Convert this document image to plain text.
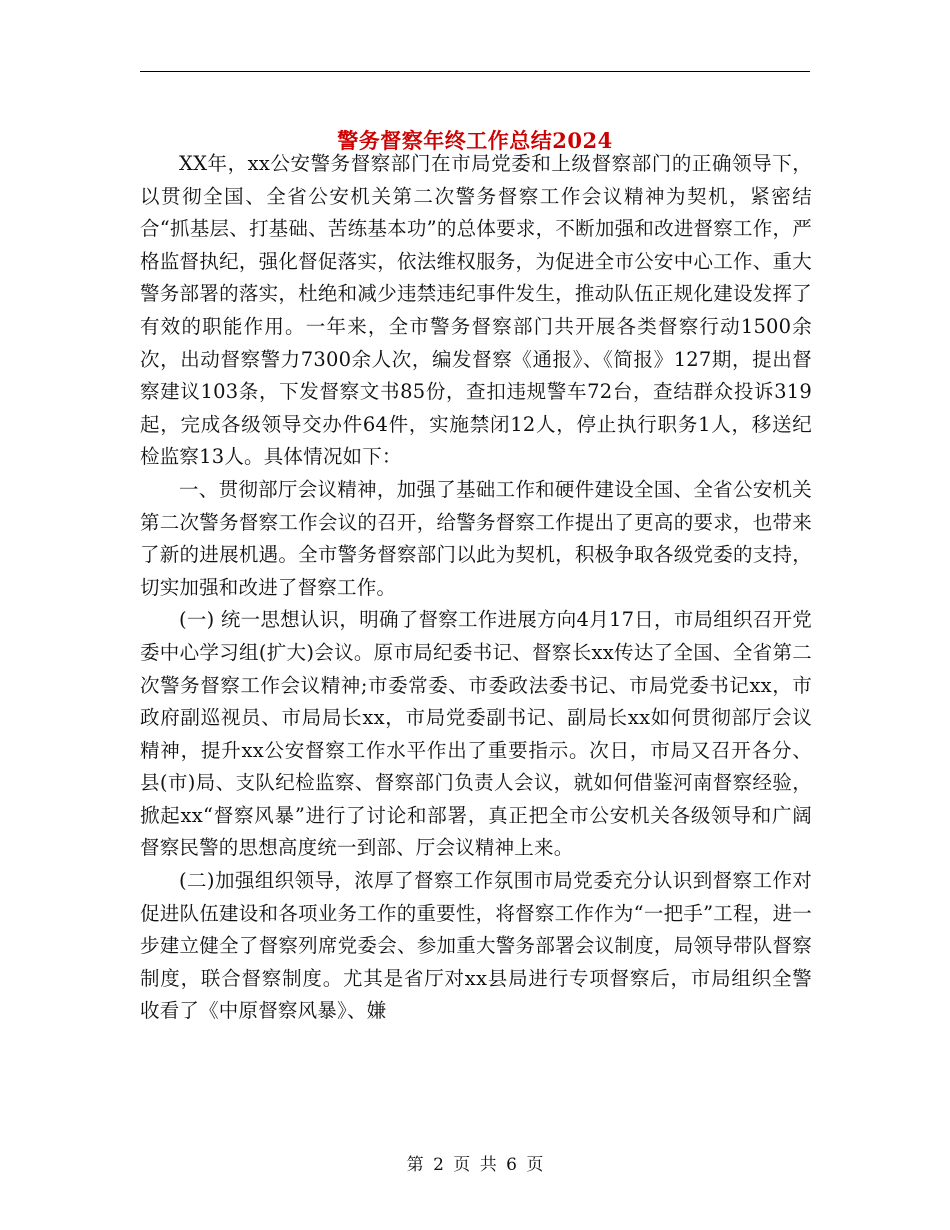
警务督察年终工作总结2024

XX年，xx公安警务督察部门在市局党委和上级督察部门的正确领导下，以贯彻全国、全省公安机关第二次警务督察工作会议精神为契机，紧密结合“抓基层、打基础、苦练基本功”的总体要求，不断加强和改进督察工作，严格监督执纪，强化督促落实，依法维权服务，为促进全市公安中心工作、重大警务部署的落实，杜绝和减少违禁违纪事件发生，推动队伍正规化建设发挥了有效的职能作用。一年来，全市警务督察部门共开展各类督察行动1500余次，出动督察警力7300余人次，编发督察《通报》、《简报》127期，提出督察建议103条，下发督察文书85份，查扣违规警车72台，查结群众投诉319起，完成各级领导交办件64件，实施禁闭12人，停止执行职务1人，移送纪检监察13人。具体情况如下：

一、贯彻部厅会议精神，加强了基础工作和硬件建设全国、全省公安机关第二次警务督察工作会议的召开，给警务督察工作提出了更高的要求，也带来了新的进展机遇。全市警务督察部门以此为契机，积极争取各级党委的支持，切实加强和改进了督察工作。

(一) 统一思想认识，明确了督察工作进展方向4月17日，市局组织召开党委中心学习组(扩大)会议。原市局纪委书记、督察长xx传达了全国、全省第二次警务督察工作会议精神;市委常委、市委政法委书记、市局党委书记xx，市政府副巡视员、市局局长xx，市局党委副书记、副局长xx如何贯彻部厅会议精神，提升xx公安督察工作水平作出了重要指示。次日，市局又召开各分、县(市)局、支队纪检监察、督察部门负责人会议，就如何借鉴河南督察经验，掀起xx“督察风暴”进行了讨论和部署，真正把全市公安机关各级领导和广阔督察民警的思想高度统一到部、厅会议精神上来。

(二)加强组织领导，浓厚了督察工作氛围市局党委充分认识到督察工作对促进队伍建设和各项业务工作的重要性，将督察工作作为“一把手”工程，进一步建立健全了督察列席党委会、参加重大警务部署会议制度，局领导带队督察制度，联合督察制度。尤其是省厅对xx县局进行专项督察后，市局组织全警收看了《中原督察风暴》、嫌

第 2 页 共 6 页
